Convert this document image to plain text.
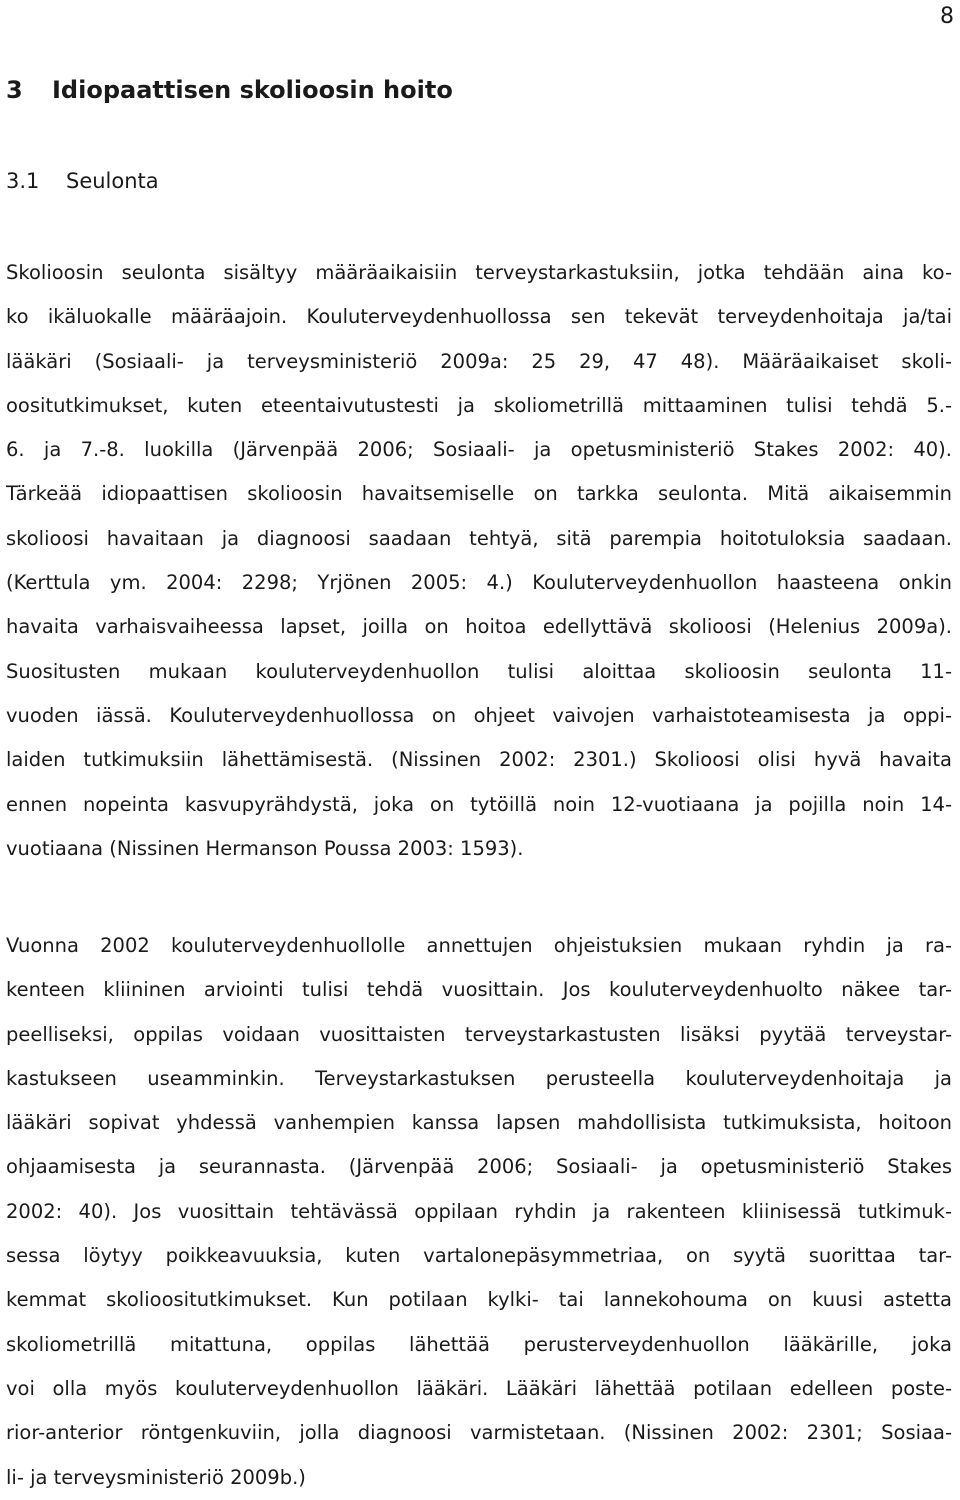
8
3 Idiopaattisen skolioosin hoito
3.1 Seulonta
Skolioosin seulonta sisältyy määräaikaisiin terveystarkastuksiin, jotka tehdään aina ko-
ko ikäluokalle määräajoin. Kouluterveydenhuollossa sen tekevät terveydenhoitaja ja/tai
lääkäri (Sosiaali- ja terveysministeriö 2009a: 25 29, 47 48). Määräaikaiset skoli-
oositutkimukset, kuten eteentaivutustesti ja skoliometrillä mittaaminen tulisi tehdä 5.-
6. ja 7.-8. luokilla (Järvenpää 2006; Sosiaali- ja opetusministeriö Stakes 2002: 40).
Tärkeää idiopaattisen skolioosin havaitsemiselle on tarkka seulonta. Mitä aikaisemmin
skolioosi havaitaan ja diagnoosi saadaan tehtyä, sitä parempia hoitotuloksia saadaan.
(Kerttula ym. 2004: 2298; Yrjönen 2005: 4.) Kouluterveydenhuollon haasteena onkin
havaita varhaisvaiheessa lapset, joilla on hoitoa edellyttävä skolioosi (Helenius 2009a).
Suositusten mukaan kouluterveydenhuollon tulisi aloittaa skolioosin seulonta 11-
vuoden iässä. Kouluterveydenhuollossa on ohjeet vaivojen varhaistoteamisesta ja oppi-
laiden tutkimuksiin lähettämisestä. (Nissinen 2002: 2301.) Skolioosi olisi hyvä havaita
ennen nopeinta kasvupyrähdystä, joka on tytöillä noin 12-vuotiaana ja pojilla noin 14-
vuotiaana (Nissinen Hermanson Poussa 2003: 1593).
Vuonna 2002 kouluterveydenhuollolle annettujen ohjeistuksien mukaan ryhdin ja ra-
kenteen kliininen arviointi tulisi tehdä vuosittain. Jos kouluterveydenhuolto näkee tar-
peelliseksi, oppilas voidaan vuosittaisten terveystarkastusten lisäksi pyytää terveystar-
kastukseen useamminkin. Terveystarkastuksen perusteella kouluterveydenhoitaja ja
lääkäri sopivat yhdessä vanhempien kanssa lapsen mahdollisista tutkimuksista, hoitoon
ohjaamisesta ja seurannasta. (Järvenpää 2006; Sosiaali- ja opetusministeriö Stakes
2002: 40). Jos vuosittain tehtävässä oppilaan ryhdin ja rakenteen kliinisessä tutkimuk-
sessa löytyy poikkeavuuksia, kuten vartalonepäsymmetriaa, on syytä suorittaa tar-
kemmat skolioositutkimukset. Kun potilaan kylki- tai lannekohouma on kuusi astetta
skoliometrillä mitattuna, oppilas lähettää perusterveydenhuollon lääkärille, joka
voi olla myös kouluterveydenhuollon lääkäri. Lääkäri lähettää potilaan edelleen poste-
rior-anterior röntgenkuviin, jolla diagnoosi varmistetaan. (Nissinen 2002: 2301; Sosiaa-
li- ja terveysministeriö 2009b.)
